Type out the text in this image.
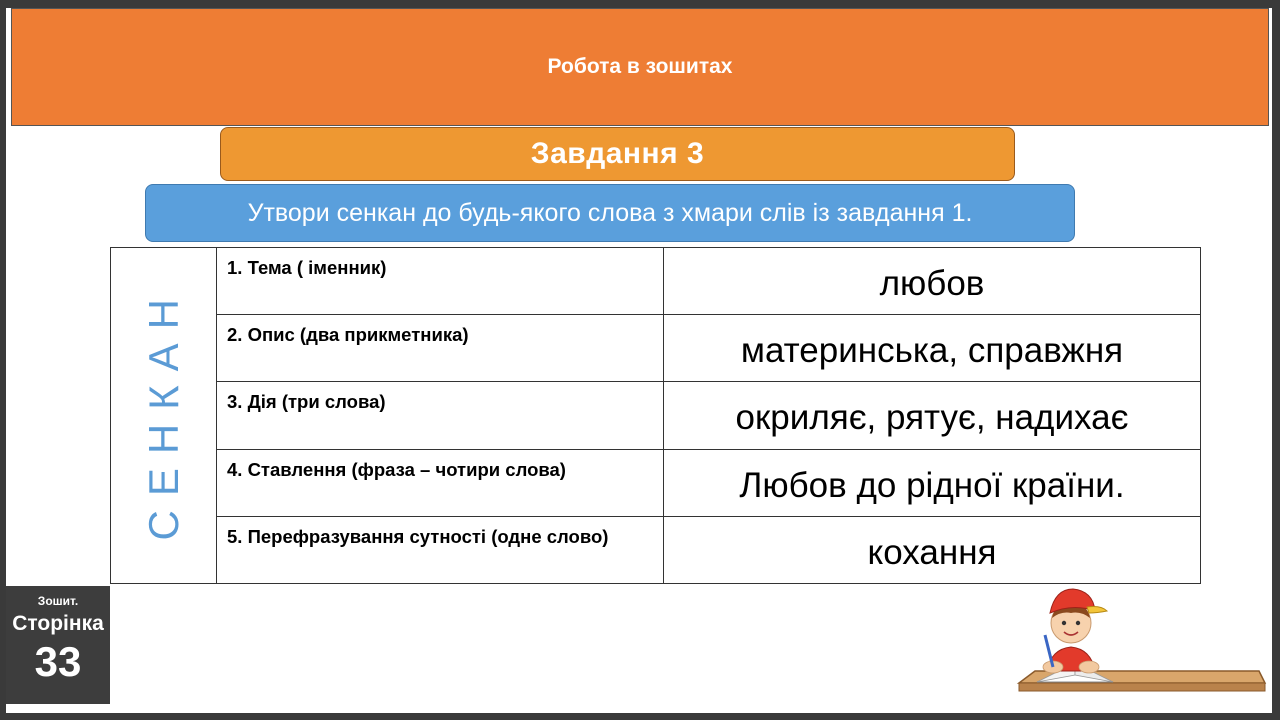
Робота в зошитах
Завдання 3
Утвори сенкан до будь-якого слова з хмари слів із завдання 1.
СЕНКАН	1. Тема ( іменник)	любов

	2. Опис (два прикметника)	материнська, справжня

	3. Дія (три слова)	окриляє, рятує, надихає

	4. Ставлення (фраза – чотири слова)	Любов до рідної країни.

	5. Перефразування сутності (одне слово)	кохання
Зошит.
Сторінка
33
